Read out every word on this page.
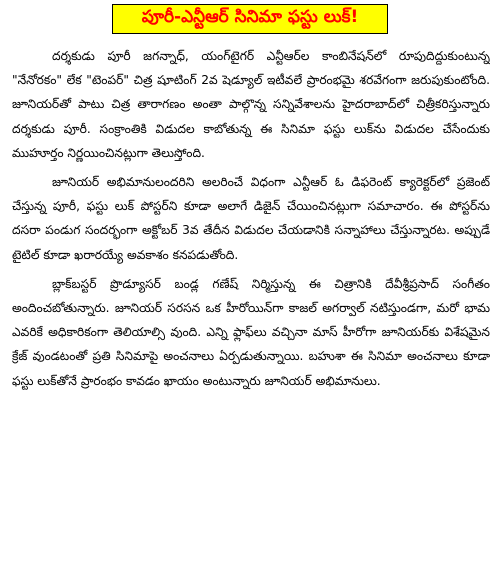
పూరీ-ఎన్టీఆర్ సినిమా ఫస్టు లుక్!

దర్శకుడు పూరీ జగన్నాధ్, యంగ్‌టైగర్ ఎన్టీఆర్‌ల కాంబినేషన్‌లో రూపుదిద్దుకుంటున్న "నేనోరకం" లేక "టెంపర్" చిత్ర షూటింగ్ 2వ షెడ్యూల్ ఇటీవలే ప్రారంభమై శరవేగంగా జరుపుకుంటోంది. జూనియర్‌తో పాటు చిత్ర తారాగణం అంతా పాల్గొన్న సన్నివేశాలను హైదరాబాద్‌లో చిత్రీకరిస్తున్నారు దర్శకుడు పూరీ. సంక్రాంతికి విడుదల కాబోతున్న ఈ సినిమా ఫస్టు లుక్‌ను విడుదల చేసేందుకు ముహూర్తం నిర్ణయించినట్లుగా తెలుస్తోంది.

జూనియర్ అభిమానులందరిని అలరించే విధంగా ఎన్టీఆర్ ఓ డిఫరెంట్ క్యారెక్టర్‌లో ప్రజెంట్ చేస్తున్న పూరీ, ఫస్టు లుక్ పోస్టర్‌ని కూడా అలాగే డిజైన్ చేయించినట్లుగా సమాచారం. ఈ పోస్టర్‌ను దసరా పండుగ సందర్భంగా అక్టోబర్ 3వ తేదీన విడుదల చేయడానికి సన్నాహాలు చేస్తున్నారట. అప్పుడే టైటిల్ కూడా ఖరారయ్యే అవకాశం కనపడుతోంది.

బ్లాక్‌బస్టర్ ప్రొడ్యూసర్ బండ్ల గణేష్ నిర్మిస్తున్న ఈ చిత్రానికి దేవీశ్రీప్రసాద్ సంగీతం అందించబోతున్నారు. జూనియర్ సరసన ఒక హీరోయిన్‌గా కాజల్ అగర్వాల్ నటిస్తుండగా, మరో భామ ఎవరికే అధికారికంగా తెలియాల్సి వుంది. ఎన్ని ఫ్లాఫ్‌లు వచ్చినా మాస్ హీరోగా జూనియర్‌కు విశేషమైన క్రేజ్ వుండటంతో ప్రతి సినిమాపై అంచనాలు ఏర్పడుతున్నాయి. బహుశా ఈ సినిమా అంచనాలు కూడా ఫస్టు లుక్‌తోనే ప్రారంభం కావడం ఖాయం అంటున్నారు జూనియర్ అభిమానులు.
